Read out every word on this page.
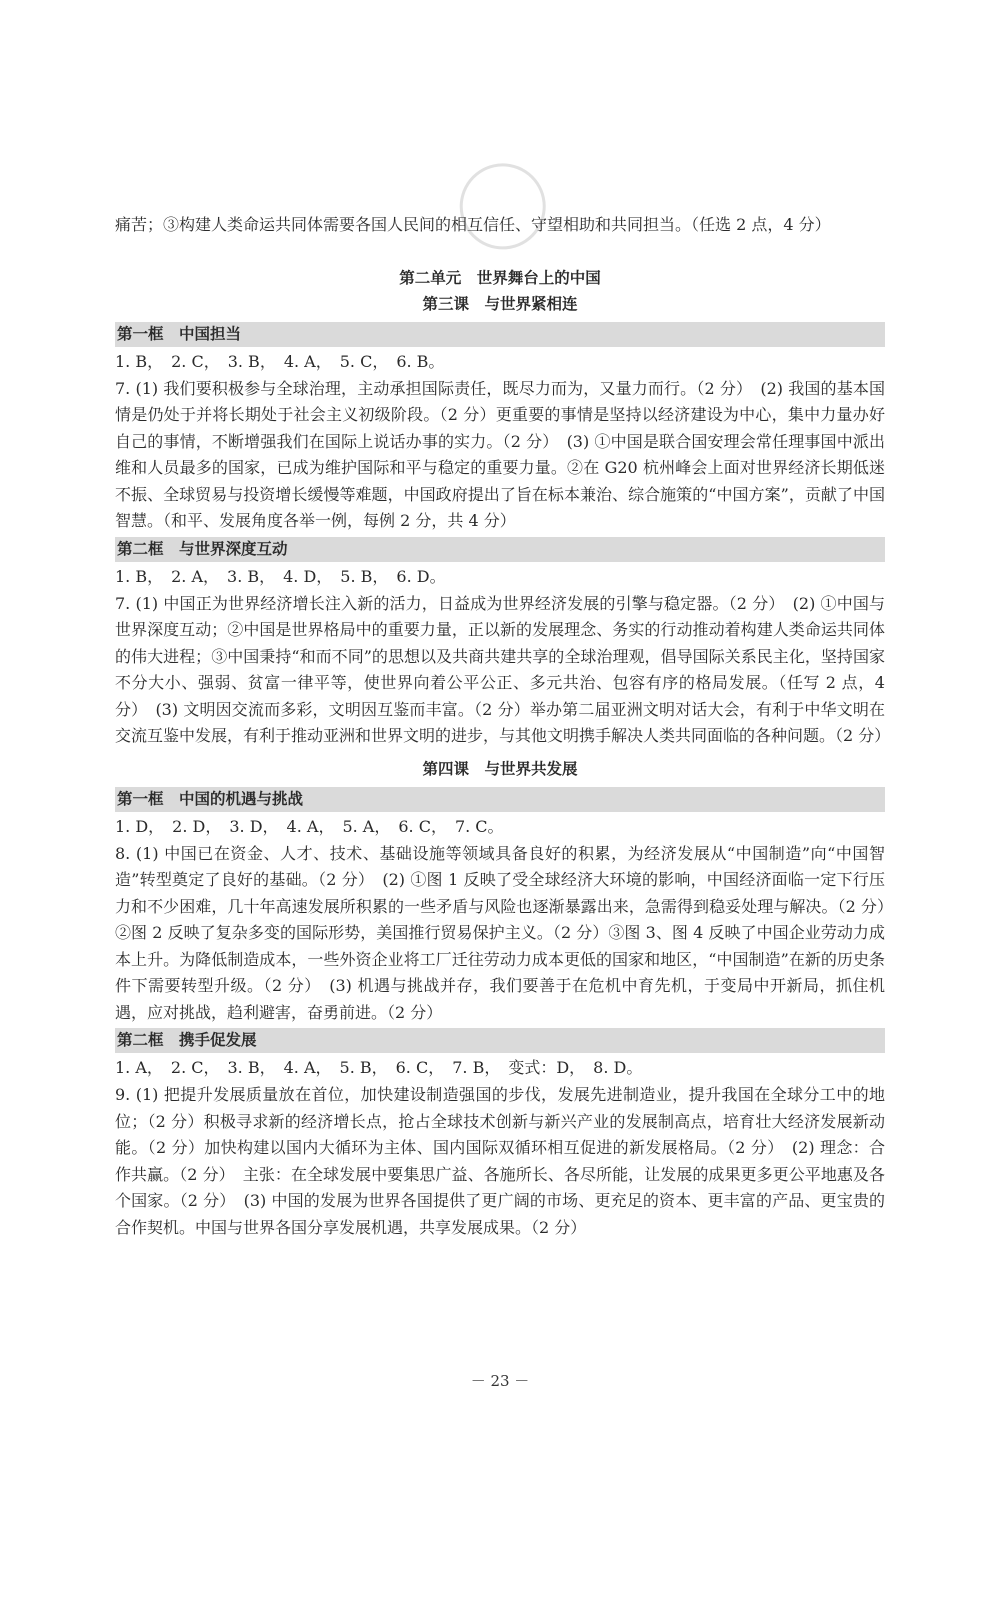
痛苦；③构建人类命运共同体需要各国人民间的相互信任、守望相助和共同担当。（任选 2 点，4 分）

第二单元　世界舞台上的中国
第三课　与世界紧相连
第一框　中国担当

1. B，　2. C，　3. B，　4. A，　5. C，　6. B。

7. (1) 我们要积极参与全球治理，主动承担国际责任，既尽力而为，又量力而行。（2 分）　(2) 我国的基本国情是仍处于并将长期处于社会主义初级阶段。（2 分）更重要的事情是坚持以经济建设为中心，集中力量办好自己的事情，不断增强我们在国际上说话办事的实力。（2 分）　(3) ①中国是联合国安理会常任理事国中派出维和人员最多的国家，已成为维护国际和平与稳定的重要力量。②在 G20 杭州峰会上面对世界经济长期低迷不振、全球贸易与投资增长缓慢等难题，中国政府提出了旨在标本兼治、综合施策的“中国方案”，贡献了中国智慧。（和平、发展角度各举一例，每例 2 分，共 4 分）

第二框　与世界深度互动

1. B，　2. A，　3. B，　4. D，　5. B，　6. D。

7. (1) 中国正为世界经济增长注入新的活力，日益成为世界经济发展的引擎与稳定器。（2 分）　(2) ①中国与世界深度互动；②中国是世界格局中的重要力量，正以新的发展理念、务实的行动推动着构建人类命运共同体的伟大进程；③中国秉持“和而不同”的思想以及共商共建共享的全球治理观，倡导国际关系民主化，坚持国家不分大小、强弱、贫富一律平等，使世界向着公平公正、多元共治、包容有序的格局发展。（任写 2 点，4 分）　(3) 文明因交流而多彩，文明因互鉴而丰富。（2 分）举办第二届亚洲文明对话大会，有利于中华文明在交流互鉴中发展，有利于推动亚洲和世界文明的进步，与其他文明携手解决人类共同面临的各种问题。（2 分）

第四课　与世界共发展
第一框　中国的机遇与挑战

1. D，　2. D，　3. D，　4. A，　5. A，　6. C，　7. C。

8. (1) 中国已在资金、人才、技术、基础设施等领域具备良好的积累，为经济发展从“中国制造”向“中国智造”转型奠定了良好的基础。（2 分）　(2) ①图 1 反映了受全球经济大环境的影响，中国经济面临一定下行压力和不少困难，几十年高速发展所积累的一些矛盾与风险也逐渐暴露出来，急需得到稳妥处理与解决。（2 分）②图 2 反映了复杂多变的国际形势，美国推行贸易保护主义。（2 分）③图 3、图 4 反映了中国企业劳动力成本上升。为降低制造成本，一些外资企业将工厂迁往劳动力成本更低的国家和地区，“中国制造”在新的历史条件下需要转型升级。（2 分）　(3) 机遇与挑战并存，我们要善于在危机中育先机，于变局中开新局，抓住机遇，应对挑战，趋利避害，奋勇前进。（2 分）

第二框　携手促发展

1. A，　2. C，　3. B，　4. A，　5. B，　6. C，　7. B，　变式：D，　8. D。

9. (1) 把提升发展质量放在首位，加快建设制造强国的步伐，发展先进制造业，提升我国在全球分工中的地位；（2 分）积极寻求新的经济增长点，抢占全球技术创新与新兴产业的发展制高点，培育壮大经济发展新动能。（2 分）加快构建以国内大循环为主体、国内国际双循环相互促进的新发展格局。（2 分）　(2) 理念：合作共赢。（2 分）　主张：在全球发展中要集思广益、各施所长、各尽所能，让发展的成果更多更公平地惠及各个国家。（2 分）　(3) 中国的发展为世界各国提供了更广阔的市场、更充足的资本、更丰富的产品、更宝贵的合作契机。中国与世界各国分享发展机遇，共享发展成果。（2 分）

－ 23 －
